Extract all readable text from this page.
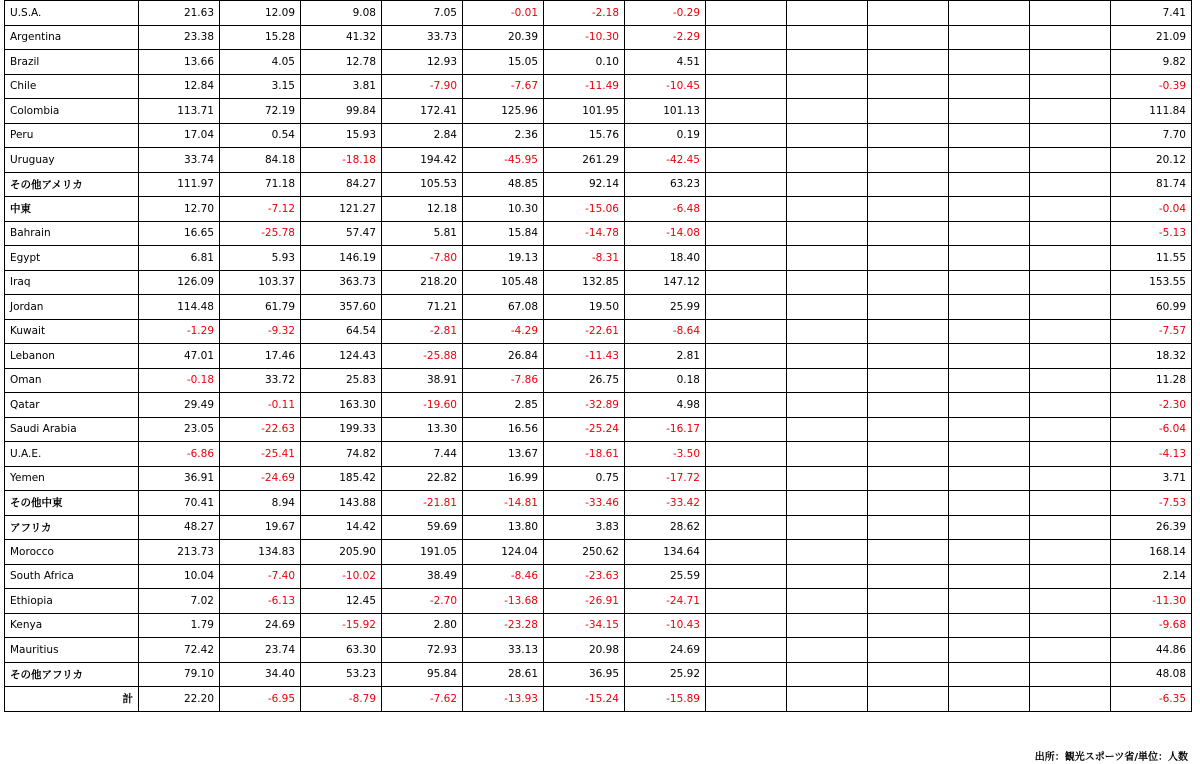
U.S.A.	21.63	12.09	9.08	7.05	-0.01	-2.18	-0.29						7.41
Argentina	23.38	15.28	41.32	33.73	20.39	-10.30	-2.29						21.09
Brazil	13.66	4.05	12.78	12.93	15.05	0.10	4.51						9.82
Chile	12.84	3.15	3.81	-7.90	-7.67	-11.49	-10.45						-0.39
Colombia	113.71	72.19	99.84	172.41	125.96	101.95	101.13						111.84
Peru	17.04	0.54	15.93	2.84	2.36	15.76	0.19						7.70
Uruguay	33.74	84.18	-18.18	194.42	-45.95	261.29	-42.45						20.12
その他アメリカ	111.97	71.18	84.27	105.53	48.85	92.14	63.23						81.74
中東	12.70	-7.12	121.27	12.18	10.30	-15.06	-6.48						-0.04
Bahrain	16.65	-25.78	57.47	5.81	15.84	-14.78	-14.08						-5.13
Egypt	6.81	5.93	146.19	-7.80	19.13	-8.31	18.40						11.55
Iraq	126.09	103.37	363.73	218.20	105.48	132.85	147.12						153.55
Jordan	114.48	61.79	357.60	71.21	67.08	19.50	25.99						60.99
Kuwait	-1.29	-9.32	64.54	-2.81	-4.29	-22.61	-8.64						-7.57
Lebanon	47.01	17.46	124.43	-25.88	26.84	-11.43	2.81						18.32
Oman	-0.18	33.72	25.83	38.91	-7.86	26.75	0.18						11.28
Qatar	29.49	-0.11	163.30	-19.60	2.85	-32.89	4.98						-2.30
Saudi Arabia	23.05	-22.63	199.33	13.30	16.56	-25.24	-16.17						-6.04
U.A.E.	-6.86	-25.41	74.82	7.44	13.67	-18.61	-3.50						-4.13
Yemen	36.91	-24.69	185.42	22.82	16.99	0.75	-17.72						3.71
その他中東	70.41	8.94	143.88	-21.81	-14.81	-33.46	-33.42						-7.53
アフリカ	48.27	19.67	14.42	59.69	13.80	3.83	28.62						26.39
Morocco	213.73	134.83	205.90	191.05	124.04	250.62	134.64						168.14
South Africa	10.04	-7.40	-10.02	38.49	-8.46	-23.63	25.59						2.14
Ethiopia	7.02	-6.13	12.45	-2.70	-13.68	-26.91	-24.71						-11.30
Kenya	1.79	24.69	-15.92	2.80	-23.28	-34.15	-10.43						-9.68
Mauritius	72.42	23.74	63.30	72.93	33.13	20.98	24.69						44.86
その他アフリカ	79.10	34.40	53.23	95.84	28.61	36.95	25.92						48.08
計	22.20	-6.95	-8.79	-7.62	-13.93	-15.24	-15.89						-6.35
出所：観光スポーツ省/単位：人数
